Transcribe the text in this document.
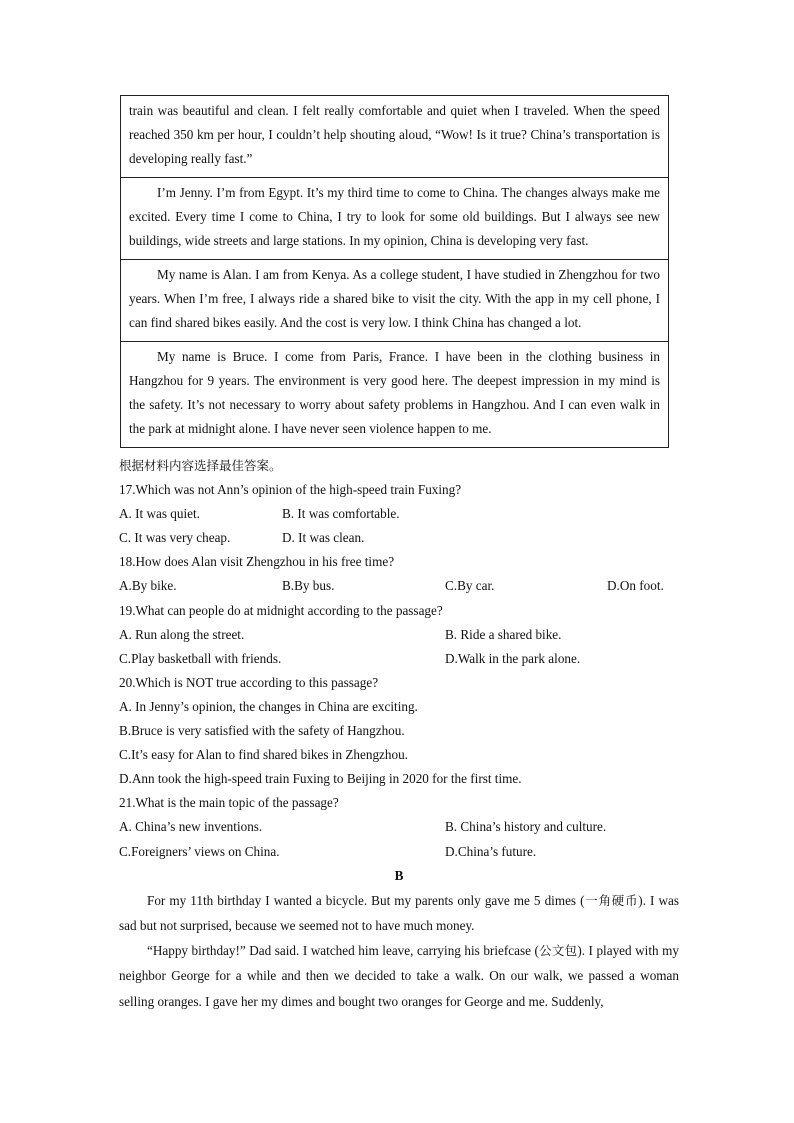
train was beautiful and clean. I felt really comfortable and quiet when I traveled. When the speed reached 350 km per hour, I couldn’t help shouting aloud, “Wow! Is it true? China’s transportation is developing really fast.”
I’m Jenny. I’m from Egypt. It’s my third time to come to China. The changes always make me excited. Every time I come to China, I try to look for some old buildings. But I always see new buildings, wide streets and large stations. In my opinion, China is developing very fast.
My name is Alan. I am from Kenya. As a college student, I have studied in Zhengzhou for two years. When I’m free, I always ride a shared bike to visit the city. With the app in my cell phone, I can find shared bikes easily. And the cost is very low. I think China has changed a lot.
My name is Bruce. I come from Paris, France. I have been in the clothing business in Hangzhou for 9 years. The environment is very good here. The deepest impression in my mind is the safety. It’s not necessary to worry about safety problems in Hangzhou. And I can even walk in the park at midnight alone. I have never seen violence happen to me.
根据材料内容选择最佳答案。
17.Which was not Ann’s opinion of the high-speed train Fuxing?
A. It was quiet.	B. It was comfortable.
C. It was very cheap.	D. It was clean.
18.How does Alan visit Zhengzhou in his free time?
A.By bike.	B.By bus.	C.By car.	D.On foot.
19.What can people do at midnight according to the passage?
A. Run along the street.	B. Ride a shared bike.
C.Play basketball with friends.	D.Walk in the park alone.
20.Which is NOT true according to this passage?
A. In Jenny’s opinion, the changes in China are exciting.
B.Bruce is very satisfied with the safety of Hangzhou.
C.It’s easy for Alan to find shared bikes in Zhengzhou.
D.Ann took the high-speed train Fuxing to Beijing in 2020 for the first time.
21.What is the main topic of the passage?
A. China’s new inventions.	B. China’s history and culture.
C.Foreigners’ views on China.	D.China’s future.
B
For my 11th birthday I wanted a bicycle. But my parents only gave me 5 dimes (一角硬币). I was sad but not surprised, because we seemed not to have much money.
“Happy birthday!” Dad said. I watched him leave, carrying his briefcase (公文包). I played with my neighbor George for a while and then we decided to take a walk. On our walk, we passed a woman selling oranges. I gave her my dimes and bought two oranges for George and me. Suddenly,
